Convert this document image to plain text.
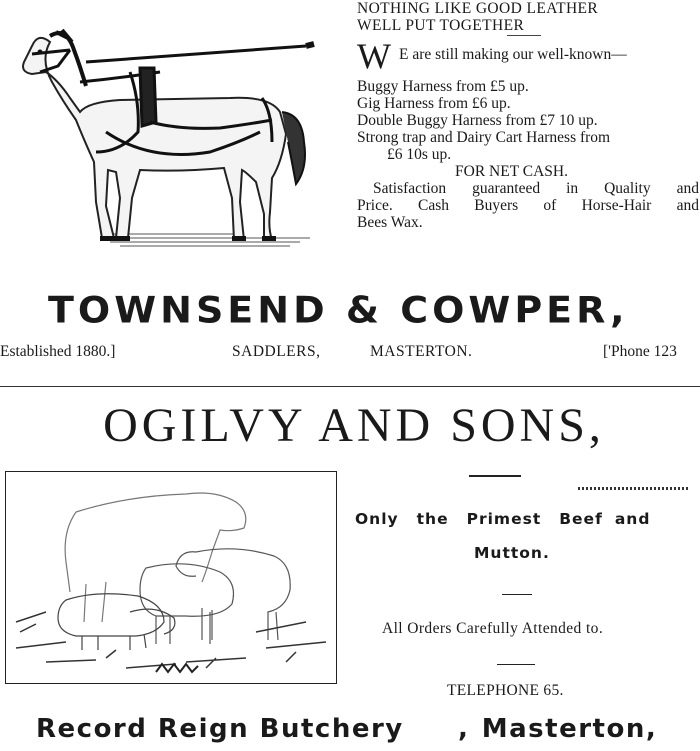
NOTHING LIKE GOOD LEATHER
WELL PUT TOGETHER
W E are still making our well-known—
Buggy Harness from £5 up.
Gig Harness from £6 up.
Double Buggy Harness from £7 10 up.
Strong trap and Dairy Cart Harness from
£6 10s up.
FOR NET CASH.
Satisfaction guaranteed in Quality and
Price. Cash Buyers of Horse-Hair and
Bees Wax.
TOWNSEND & COWPER,
Established 1880.]	SADDLERS,	MASTERTON.	['Phone 123
OGILVY AND SONS,
Only the Primest Beef and
Mutton.
All Orders Carefully Attended to.
TELEPHONE 65.
Record Reign Butchery , Masterton,
